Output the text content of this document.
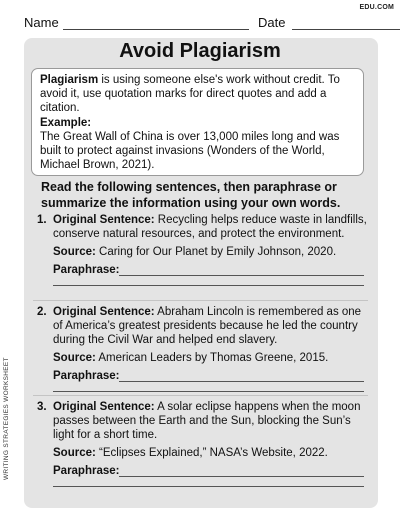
EDU.COM
Name	Date
Avoid Plagiarism
Plagiarism is using someone else's work without credit. To avoid it, use quotation marks for direct quotes and add a citation.
Example:
The Great Wall of China is over 13,000 miles long and was built to protect against invasions (Wonders of the World, Michael Brown, 2021).
Read the following sentences, then paraphrase or summarize the information using your own words.
1. Original Sentence: Recycling helps reduce waste in landfills, conserve natural resources, and protect the environment.
Source: Caring for Our Planet by Emily Johnson, 2020.
Paraphrase:
2. Original Sentence: Abraham Lincoln is remembered as one of America’s greatest presidents because he led the country during the Civil War and helped end slavery.
Source: American Leaders by Thomas Greene, 2015.
Paraphrase:
3. Original Sentence: A solar eclipse happens when the moon passes between the Earth and the Sun, blocking the Sun’s light for a short time.
Source: “Eclipses Explained,” NASA’s Website, 2022.
Paraphrase:
WRITING STRATEGIES WORKSHEET
